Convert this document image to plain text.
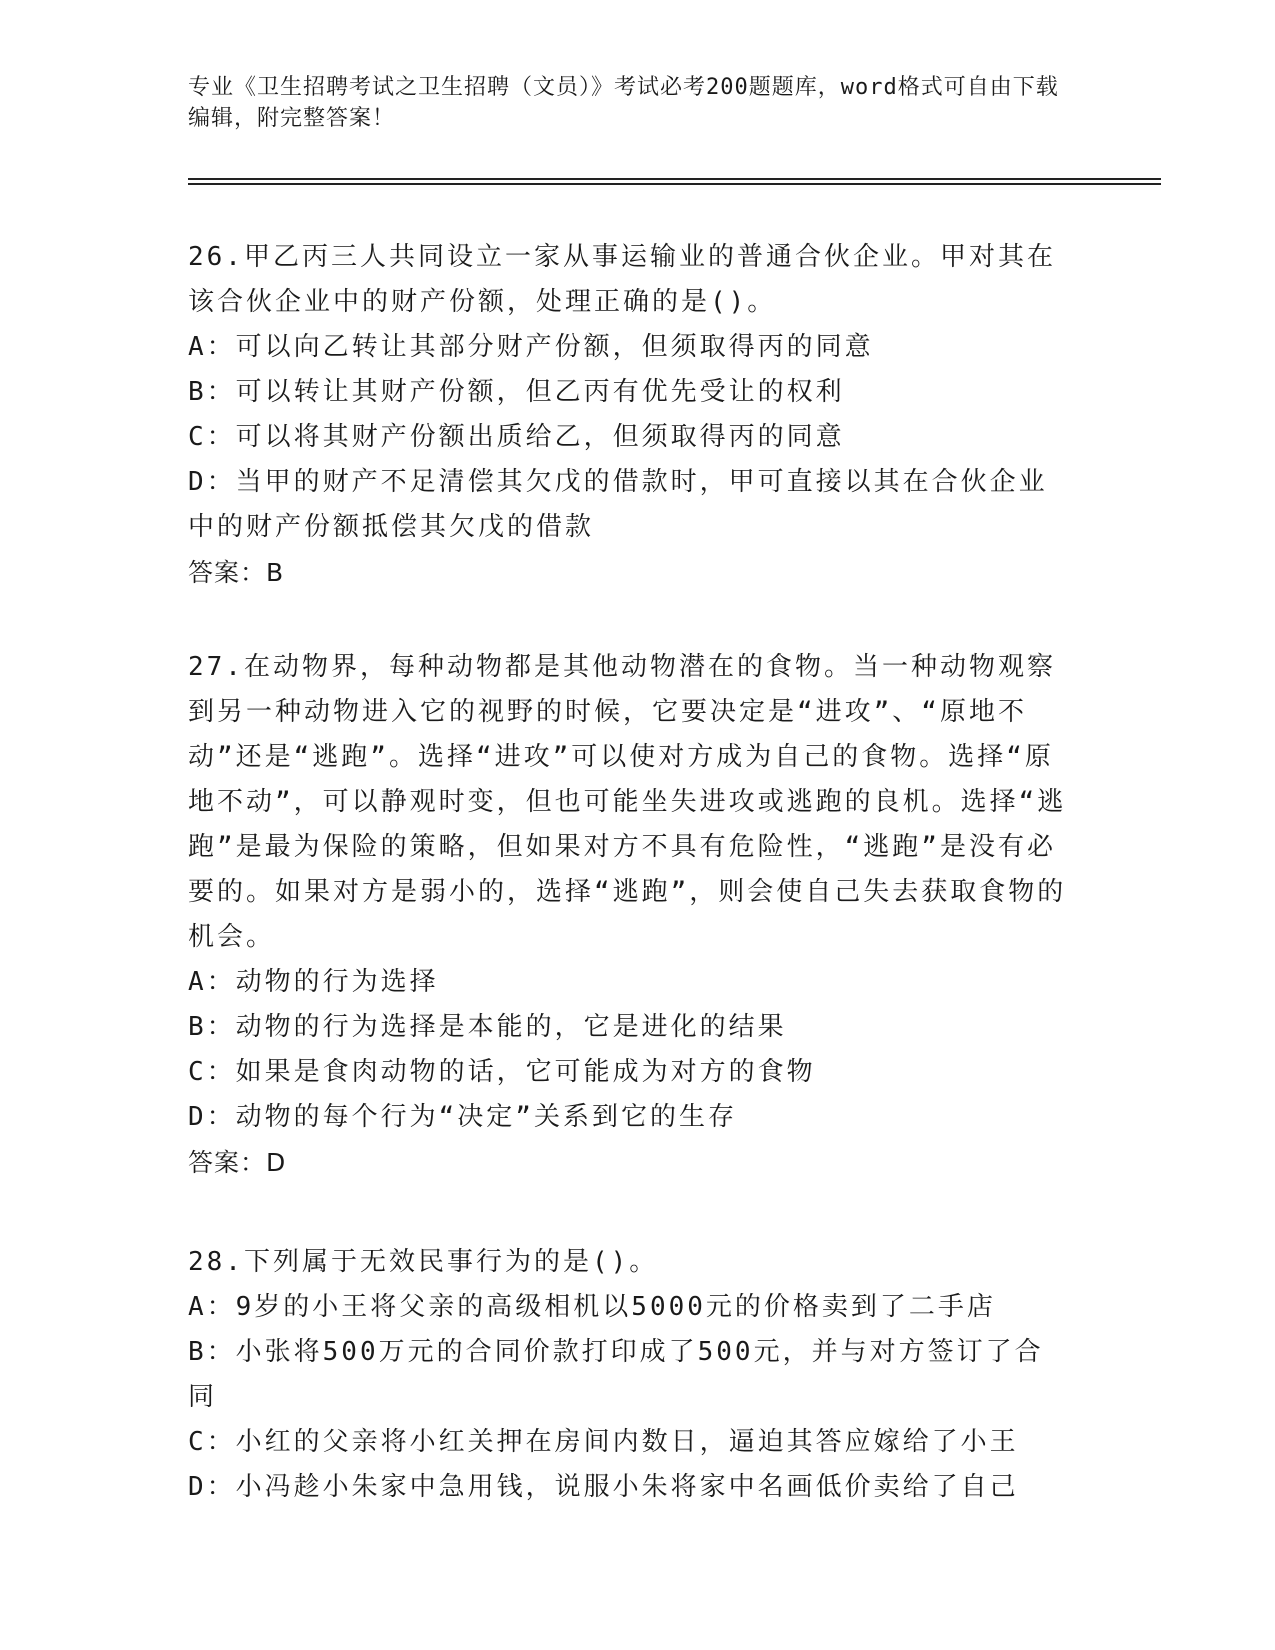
专业《卫生招聘考试之卫生招聘（文员）》考试必考200题题库，word格式可自由下载编辑，附完整答案！

26.甲乙丙三人共同设立一家从事运输业的普通合伙企业。甲对其在该合伙企业中的财产份额，处理正确的是()。

A：可以向乙转让其部分财产份额，但须取得丙的同意

B：可以转让其财产份额，但乙丙有优先受让的权利

C：可以将其财产份额出质给乙，但须取得丙的同意

D：当甲的财产不足清偿其欠戊的借款时，甲可直接以其在合伙企业中的财产份额抵偿其欠戊的借款

答案：B

27.在动物界，每种动物都是其他动物潜在的食物。当一种动物观察到另一种动物进入它的视野的时候，它要决定是“进攻”、“原地不动”还是“逃跑”。选择“进攻”可以使对方成为自己的食物。选择“原地不动”，可以静观时变，但也可能坐失进攻或逃跑的良机。选择“逃跑”是最为保险的策略，但如果对方不具有危险性，“逃跑”是没有必要的。如果对方是弱小的，选择“逃跑”，则会使自己失去获取食物的机会。

A：动物的行为选择

B：动物的行为选择是本能的，它是进化的结果

C：如果是食肉动物的话，它可能成为对方的食物

D：动物的每个行为“决定”关系到它的生存

答案：D

28.下列属于无效民事行为的是()。

A：9岁的小王将父亲的高级相机以5000元的价格卖到了二手店

B：小张将500万元的合同价款打印成了500元，并与对方签订了合同

C：小红的父亲将小红关押在房间内数日，逼迫其答应嫁给了小王

D：小冯趁小朱家中急用钱，说服小朱将家中名画低价卖给了自己
